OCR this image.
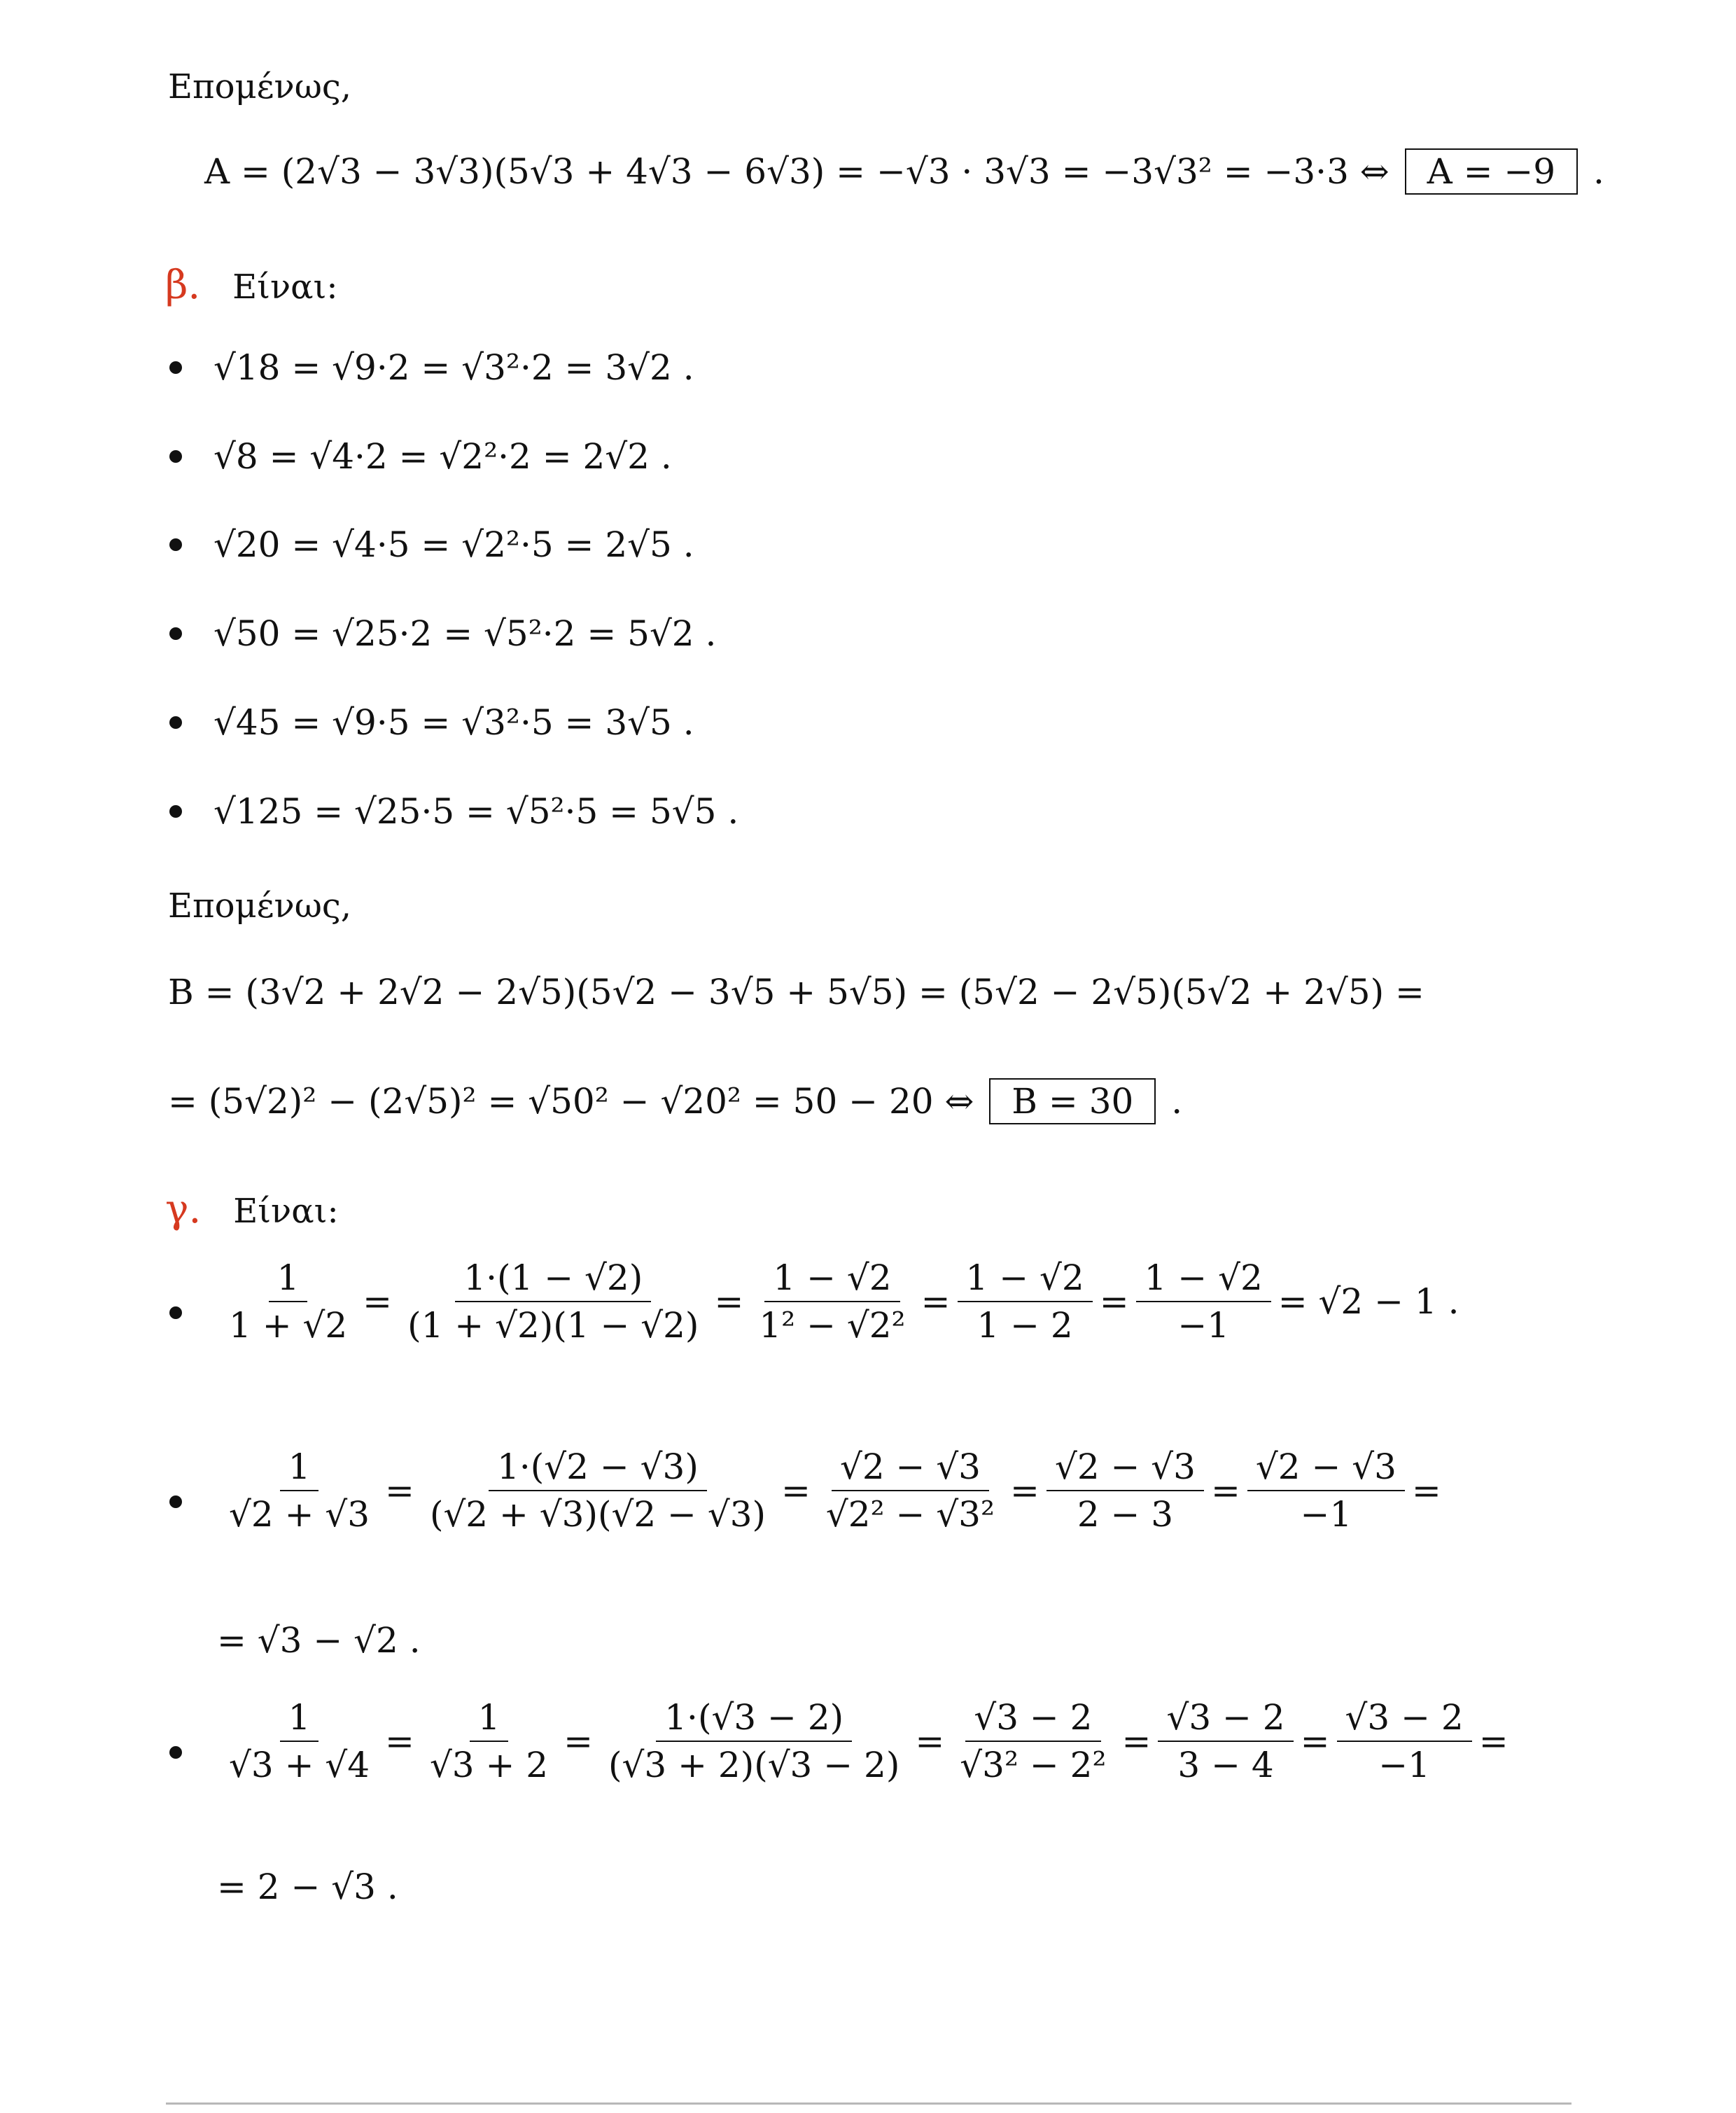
Επομένως,
A = (2√3 − 3√3)(5√3 + 4√3 − 6√3) = −√3 · 3√3 = −3√3² = −3·3 ⇔ A = −9 .
β. Είναι:
√18 = √9·2 = √3²·2 = 3√2 .
√8 = √4·2 = √2²·2 = 2√2 .
√20 = √4·5 = √2²·5 = 2√5 .
√50 = √25·2 = √5²·2 = 5√2 .
√45 = √9·5 = √3²·5 = 3√5 .
√125 = √25·5 = √5²·5 = 5√5 .
Επομένως,
B = (3√2 + 2√2 − 2√5)(5√2 − 3√5 + 5√5) = (5√2 − 2√5)(5√2 + 2√5) =
= (5√2)² − (2√5)² = √50² − √20² = 50 − 20 ⇔ B = 30 .
γ. Είναι:
$\frac{1}{1 + √2} = \frac{1\cdot(1 - √2)}{(1 + √2)(1 - √2)} = \frac{1 - √2}{\text{1² − √2²}} = \frac{1 - √2}{1 - 2} = \frac{1 - √2}{-1} = √2 - 1$ .
$\frac{1}{√2 + √3} = \frac{1\cdot(√2 - √3)}{(√2 + √3)(√2 - √3)} = \frac{√2 - √3}{\text{√2² − √3²}} = \frac{√2 - √3}{2 - 3} = \frac{√2 - √3}{-1}$ =
= √3 − √2 .
$\frac{1}{√3 + √4} = \frac{1}{√3 + 2} = \frac{1\cdot(√3 - 2)}{(√3 + 2)(√3 - 2)} = \frac{√3 - 2}{\text{√3² − 2²}} = \frac{√3 - 2}{3 - 4} = \frac{√3 - 2}{-1}$ =
= 2 − √3 .
